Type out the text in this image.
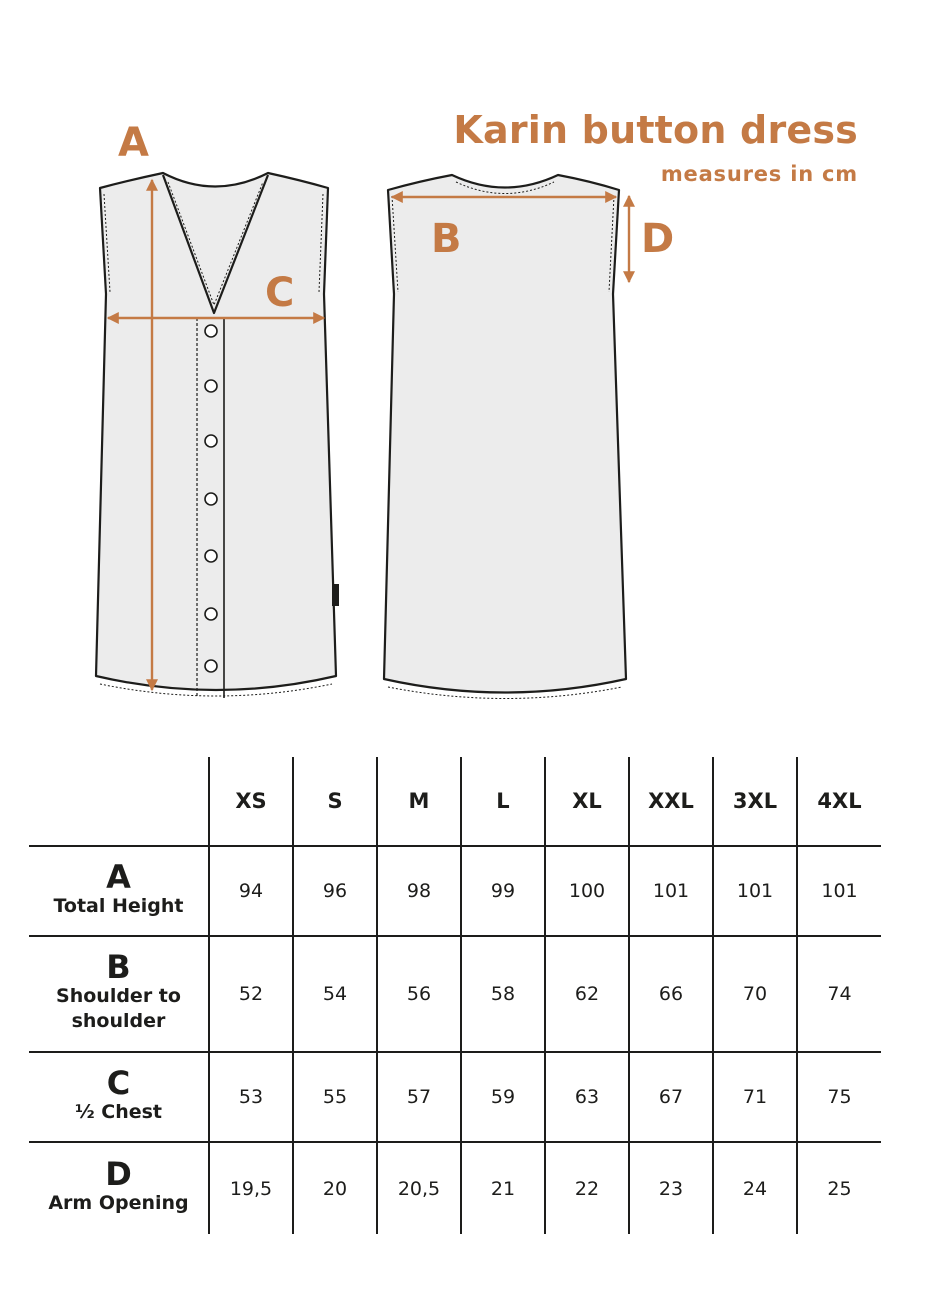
Karin button dress
measures in cm
A
C
B	D
	XS	S	M	L	XL	XXL	3XL	4XL

A
Total Height	94	96	98	99	100	101	101	101

B
Shoulder to shoulder	52	54	56	58	62	66	70	74

C
½ Chest	53	55	57	59	63	67	71	75

D
Arm Opening	19,5	20	20,5	21	22	23	24	25
